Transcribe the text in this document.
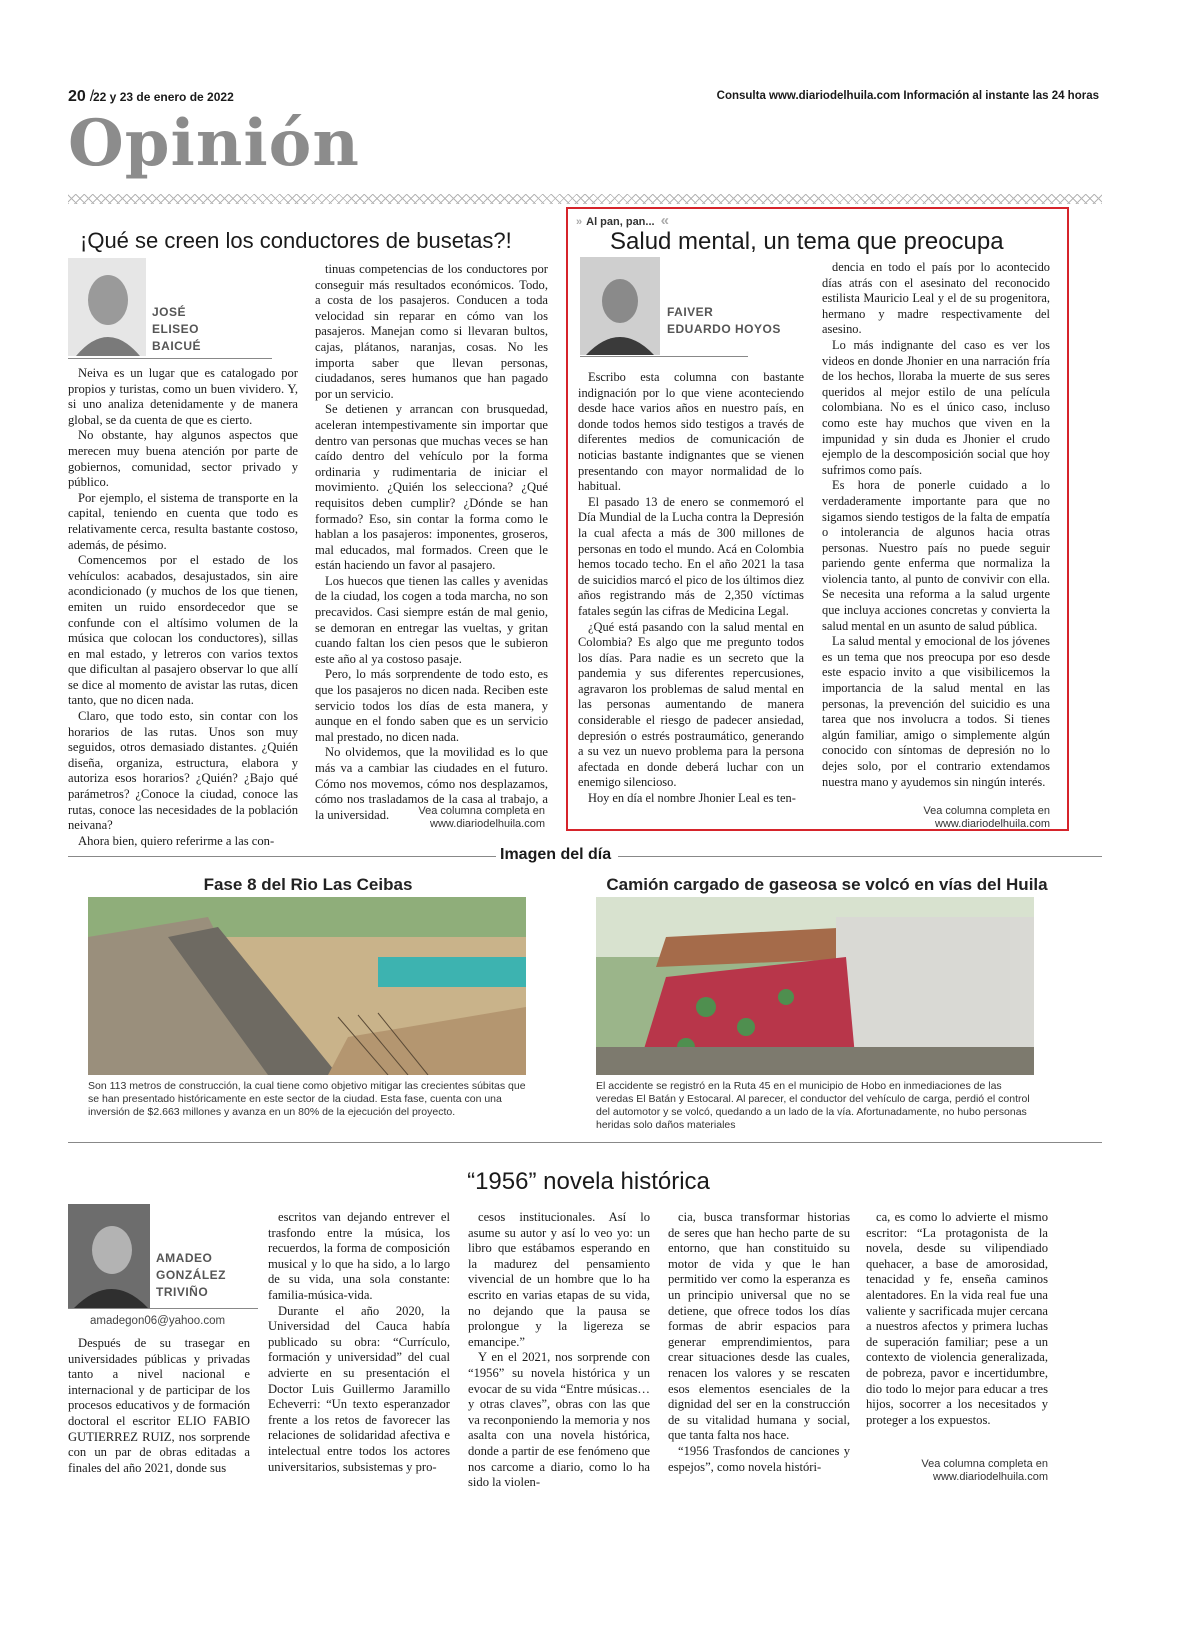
20 /
22 y 23 de enero de 2022	Consulta www.diariodelhuila.com Información al instante las 24 horas
Opinión
¡Qué se creen los conductores de busetas?!
JOSÉ
ELISEO
BAICUÉ

Neiva es un lugar que es catalogado por propios y turistas, como un buen vividero. Y, si uno analiza detenidamente y de manera global, se da cuenta de que es cierto.

No obstante, hay algunos aspectos que merecen muy buena atención por parte de gobiernos, comunidad, sector privado y público.

Por ejemplo, el sistema de transporte en la capital, teniendo en cuenta que todo es relativamente cerca, resulta bastante costoso, además, de pésimo.

Comencemos por el estado de los vehículos: acabados, desajustados, sin aire acondicionado (y muchos de los que tienen, emiten un ruido ensordecedor que se confunde con el altísimo volumen de la música que colocan los conductores), sillas en mal estado, y letreros con varios textos que dificultan al pasajero observar lo que allí se dice al momento de avistar las rutas, dicen tanto, que no dicen nada.

Claro, que todo esto, sin contar con los horarios de las rutas. Unos son muy seguidos, otros demasiado distantes. ¿Quién diseña, organiza, estructura, elabora y autoriza esos horarios? ¿Quién? ¿Bajo qué parámetros? ¿Conoce la ciudad, conoce las rutas, conoce las necesidades de la población neivana?

Ahora bien, quiero referirme a las con-

tinuas competencias de los conductores por conseguir más resultados económicos. Todo, a costa de los pasajeros. Conducen a toda velocidad sin reparar en cómo van los pasajeros. Manejan como si llevaran bultos, cajas, plátanos, naranjas, cosas. No les importa saber que llevan personas, ciudadanos, seres humanos que han pagado por un servicio.

Se detienen y arrancan con brusquedad, aceleran intempestivamente sin importar que dentro van personas que muchas veces se han caído dentro del vehículo por la forma ordinaria y rudimentaria de iniciar el movimiento. ¿Quién los selecciona? ¿Qué requisitos deben cumplir? ¿Dónde se han formado? Eso, sin contar la forma como le hablan a los pasajeros: imponentes, groseros, mal educados, mal formados. Creen que le están haciendo un favor al pasajero.

Los huecos que tienen las calles y avenidas de la ciudad, los cogen a toda marcha, no son precavidos. Casi siempre están de mal genio, se demoran en entregar las vueltas, y gritan cuando faltan los cien pesos que le subieron este año al ya costoso pasaje.

Pero, lo más sorprendente de todo esto, es que los pasajeros no dicen nada. Reciben este servicio todos los días de esta manera, y aunque en el fondo saben que es un servicio mal prestado, no dicen nada.

No olvidemos, que la movilidad es lo que más va a cambiar las ciudades en el futuro. Cómo nos movemos, cómo nos desplazamos, cómo nos trasladamos de la casa al trabajo, a la universidad.	Vea columna completa en
www.diariodelhuila.com
» Al pan, pan... «
Salud mental, un tema que preocupa
FAIVER
EDUARDO HOYOS

Escribo esta columna con bastante indignación por lo que viene aconteciendo desde hace varios años en nuestro país, en donde todos hemos sido testigos a través de diferentes medios de comunicación de noticias bastante indignantes que se vienen presentando con mayor normalidad de lo habitual.

El pasado 13 de enero se conmemoró el Día Mundial de la Lucha contra la Depresión la cual afecta a más de 300 millones de personas en todo el mundo. Acá en Colombia hemos tocado techo. En el año 2021 la tasa de suicidios marcó el pico de los últimos diez años registrando más de 2,350 víctimas fatales según las cifras de Medicina Legal.

¿Qué está pasando con la salud mental en Colombia? Es algo que me pregunto todos los días. Para nadie es un secreto que la pandemia y sus diferentes repercusiones, agravaron los problemas de salud mental en las personas aumentando de manera considerable el riesgo de padecer ansiedad, depresión o estrés postraumático, generando a su vez un nuevo problema para la persona afectada en donde deberá luchar con un enemigo silencioso.

Hoy en día el nombre Jhonier Leal es ten-

dencia en todo el país por lo acontecido días atrás con el asesinato del reconocido estilista Mauricio Leal y el de su progenitora, hermano y madre respectivamente del asesino.

Lo más indignante del caso es ver los videos en donde Jhonier en una narración fría de los hechos, lloraba la muerte de sus seres queridos al mejor estilo de una película colombiana. No es el único caso, incluso como este hay muchos que viven en la impunidad y sin duda es Jhonier el crudo ejemplo de la descomposición social que hoy sufrimos como país.

Es hora de ponerle cuidado a lo verdaderamente importante para que no sigamos siendo testigos de la falta de empatía o intolerancia de algunos hacia otras personas. Nuestro país no puede seguir pariendo gente enferma que normaliza la violencia tanto, al punto de convivir con ella. Se necesita una reforma a la salud urgente que incluya acciones concretas y convierta la salud mental en un asunto de salud pública.

La salud mental y emocional de los jóvenes es un tema que nos preocupa por eso desde este espacio invito a que visibilicemos la importancia de la salud mental en las personas, la prevención del suicidio es una tarea que nos involucra a todos. Si tienes algún familiar, amigo o simplemente algún conocido con síntomas de depresión no lo dejes solo, por el contrario extendamos nuestra mano y ayudemos sin ningún interés.

Vea columna completa en
www.diariodelhuila.com
Imagen del día
Fase 8 del Rio Las Ceibas
Son 113 metros de construcción, la cual tiene como objetivo mitigar las crecientes súbitas que se han presentado históricamente en este sector de la ciudad. Esta fase, cuenta con una inversión de $2.663 millones y avanza en un 80% de la ejecución del proyecto.
Camión cargado de gaseosa se volcó en vías del Huila
El accidente se registró en la Ruta 45 en el municipio de Hobo en inmediaciones de las veredas El Batán y Estocaral. Al parecer, el conductor del vehículo de carga, perdió el control del automotor y se volcó, quedando a un lado de la vía. Afortunadamente, no hubo personas heridas solo daños materiales
“1956” novela histórica
AMADEO
GONZÁLEZ
TRIVIÑO
amadegon06@yahoo.com

Después de su trasegar en universidades públicas y privadas tanto a nivel nacional e internacional y de participar de los procesos educativos y de formación doctoral el escritor ELIO FABIO GUTIERREZ RUIZ, nos sorprende con un par de obras editadas a finales del año 2021, donde sus

escritos van dejando entrever el trasfondo entre la música, los recuerdos, la forma de composición musical y lo que ha sido, a lo largo de su vida, una sola constante: familia-música-vida.

Durante el año 2020, la Universidad del Cauca había publicado su obra: “Currículo, formación y universidad” del cual advierte en su presentación el Doctor Luis Guillermo Jaramillo Echeverri: “Un texto esperanzador frente a los retos de favorecer las relaciones de solidaridad afectiva e intelectual entre todos los actores universitarios, subsistemas y pro-

cesos institucionales. Así lo asume su autor y así lo veo yo: un libro que estábamos esperando en la madurez del pensamiento vivencial de un hombre que lo ha escrito en varias etapas de su vida, no dejando que la pausa se prolongue y la ligereza se emancipe.”

Y en el 2021, nos sorprende con “1956” su novela histórica y un evocar de su vida “Entre músicas…y otras claves”, obras con las que va reconponiendo la memoria y nos asalta con una novela histórica, donde a partir de ese fenómeno que nos carcome a diario, como lo ha sido la violen-

cia, busca transformar historias de seres que han hecho parte de su entorno, que han constituido su motor de vida y que le han permitido ver como la esperanza es un principio universal que no se detiene, que ofrece todos los días formas de abrir espacios para generar emprendimientos, para crear situaciones desde las cuales, renacen los valores y se rescaten esos elementos esenciales de la dignidad del ser en la construcción de su vitalidad humana y social, que tanta falta nos hace.

“1956 Trasfondos de canciones y espejos”, como novela históri-

ca, es como lo advierte el mismo escritor: “La protagonista de la novela, desde su vilipendiado quehacer, a base de amorosidad, tenacidad y fe, enseña caminos alentadores. En la vida real fue una valiente y sacrificada mujer cercana a nuestros afectos y primera luchas de superación familiar; pese a un contexto de violencia generalizada, de pobreza, pavor e incertidumbre, dio todo lo mejor para educar a tres hijos, socorrer a los necesitados y proteger a los expuestos.

Vea columna completa en
www.diariodelhuila.com
